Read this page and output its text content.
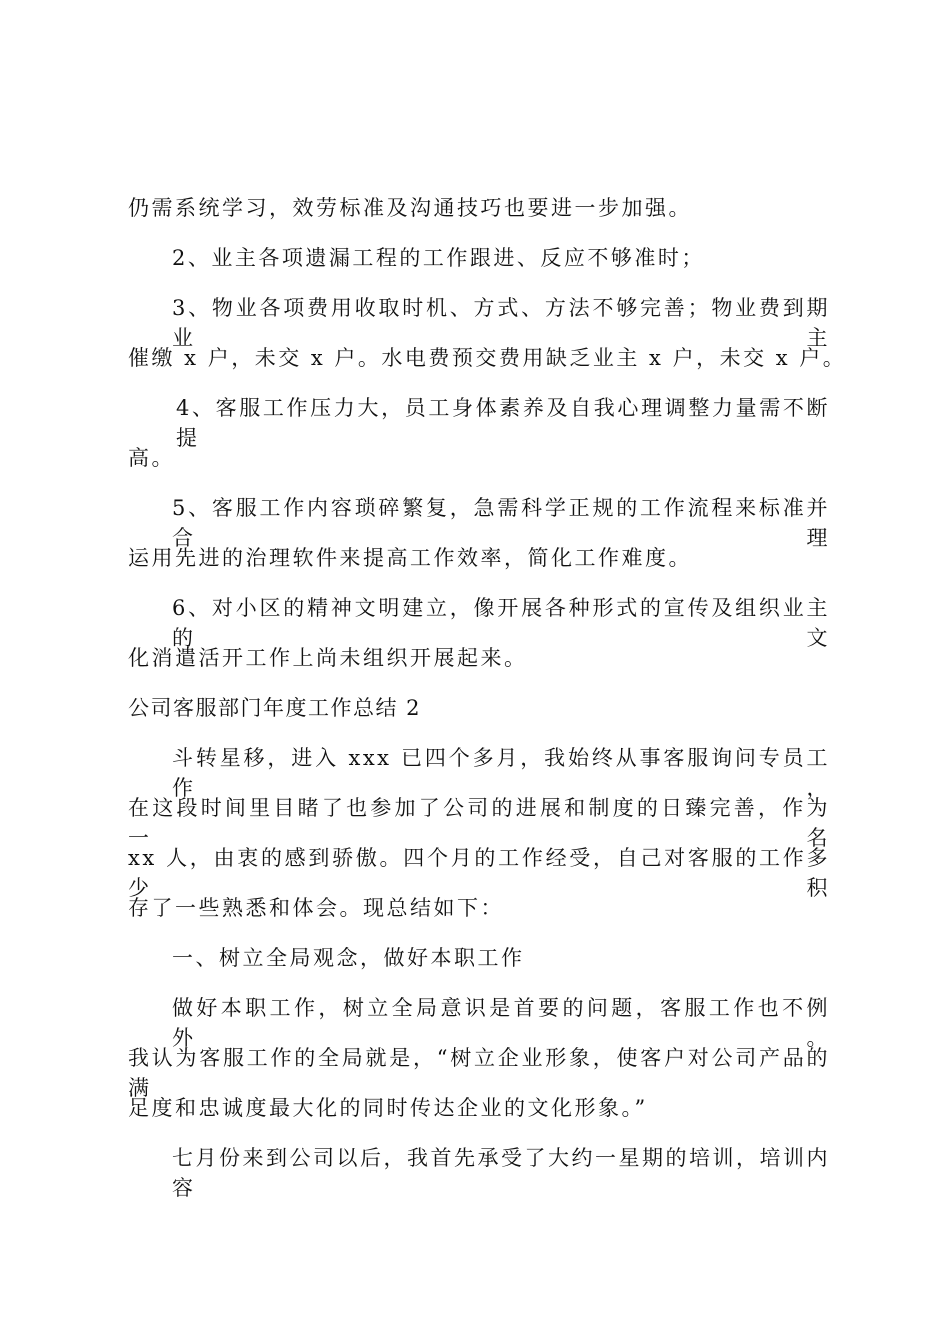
仍需系统学习，效劳标准及沟通技巧也要进一步加强。
2、业主各项遗漏工程的工作跟进、反应不够准时；
3、物业各项费用收取时机、方式、方法不够完善；物业费到期业主
催缴 x 户，未交 x 户。水电费预交费用缺乏业主 x 户，未交 x 户。
4、客服工作压力大，员工身体素养及自我心理调整力量需不断提
高。
5、客服工作内容琐碎繁复，急需科学正规的工作流程来标准并合理
运用先进的治理软件来提高工作效率，简化工作难度。
6、对小区的精神文明建立，像开展各种形式的宣传及组织业主的文
化消遣活开工作上尚未组织开展起来。
公司客服部门年度工作总结 2
斗转星移，进入 xxx 已四个多月，我始终从事客服询问专员工作，
在这段时间里目睹了也参加了公司的进展和制度的日臻完善，作为一名
xx 人，由衷的感到骄傲。四个月的工作经受，自己对客服的工作多少积
存了一些熟悉和体会。现总结如下：
一、树立全局观念，做好本职工作
做好本职工作，树立全局意识是首要的问题，客服工作也不例外。
我认为客服工作的全局就是，“树立企业形象，使客户对公司产品的满
足度和忠诚度最大化的同时传达企业的文化形象。”
七月份来到公司以后，我首先承受了大约一星期的培训，培训内容
